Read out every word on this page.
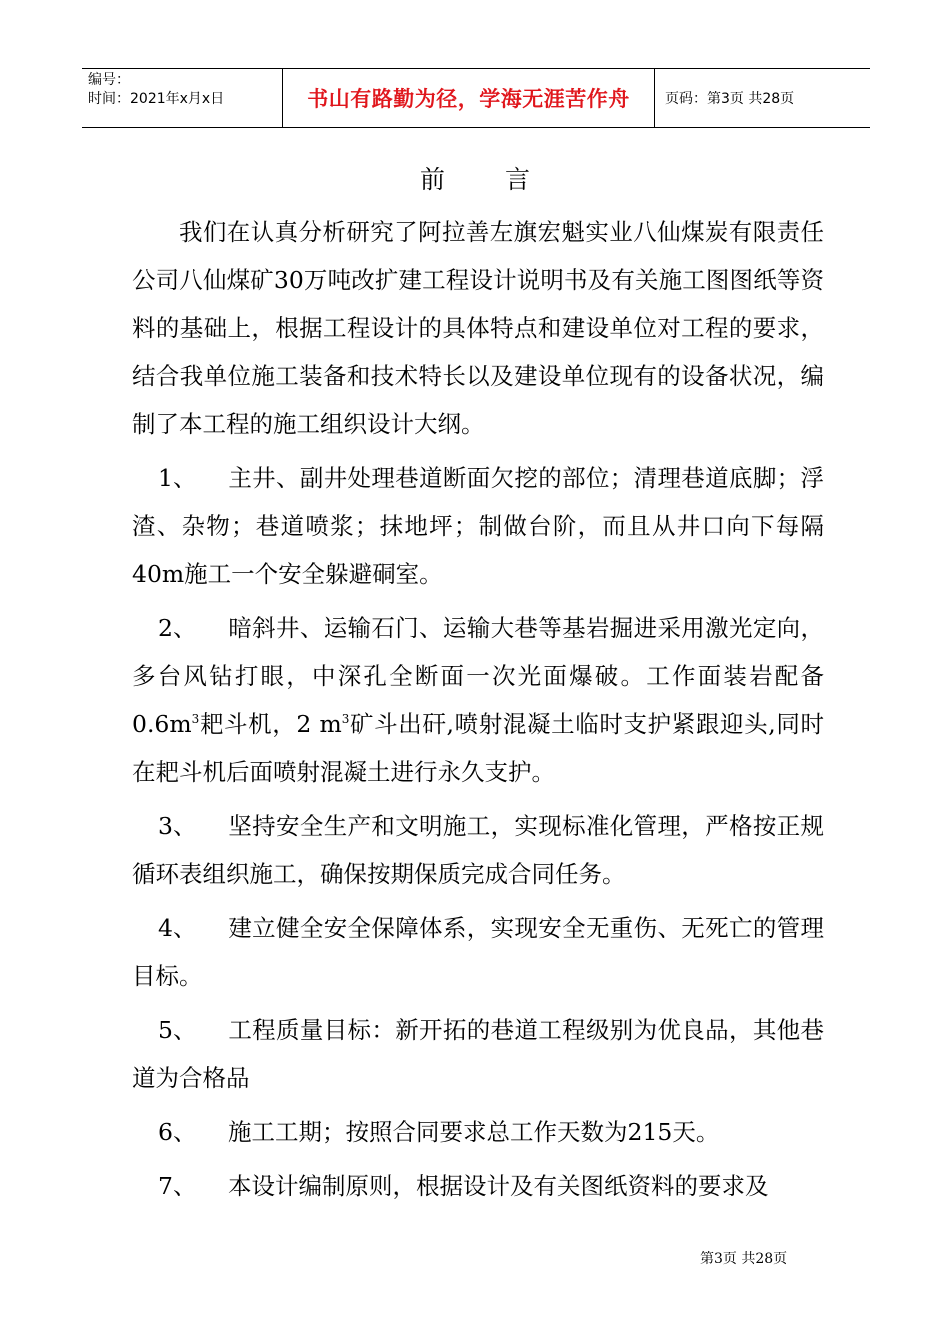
编号：
时间：2021年x月x日	书山有路勤为径，学海无涯苦作舟	页码：第3页 共28页
前言

我们在认真分析研究了阿拉善左旗宏魁实业八仙煤炭有限责任公司八仙煤矿30万吨改扩建工程设计说明书及有关施工图图纸等资料的基础上，根据工程设计的具体特点和建设单位对工程的要求，结合我单位施工装备和技术特长以及建设单位现有的设备状况，编制了本工程的施工组织设计大纲。

1、 主井、副井处理巷道断面欠挖的部位；清理巷道底脚；浮渣、杂物；巷道喷浆；抹地坪；制做台阶，而且从井口向下每隔40m施工一个安全躲避硐室。

2、 暗斜井、运输石门、运输大巷等基岩掘进采用激光定向，多台风钻打眼，中深孔全断面一次光面爆破。工作面装岩配备$0.6m^3$耙斗机，2 $m^3$矿斗出矸,喷射混凝土临时支护紧跟迎头,同时在耙斗机后面喷射混凝土进行永久支护。

3、 坚持安全生产和文明施工，实现标准化管理，严格按正规循环表组织施工，确保按期保质完成合同任务。

4、 建立健全安全保障体系，实现安全无重伤、无死亡的管理目标。

5、 工程质量目标：新开拓的巷道工程级别为优良品，其他巷道为合格品

6、 施工工期；按照合同要求总工作天数为215天。

7、 本设计编制原则，根据设计及有关图纸资料的要求及

第3页 共28页
